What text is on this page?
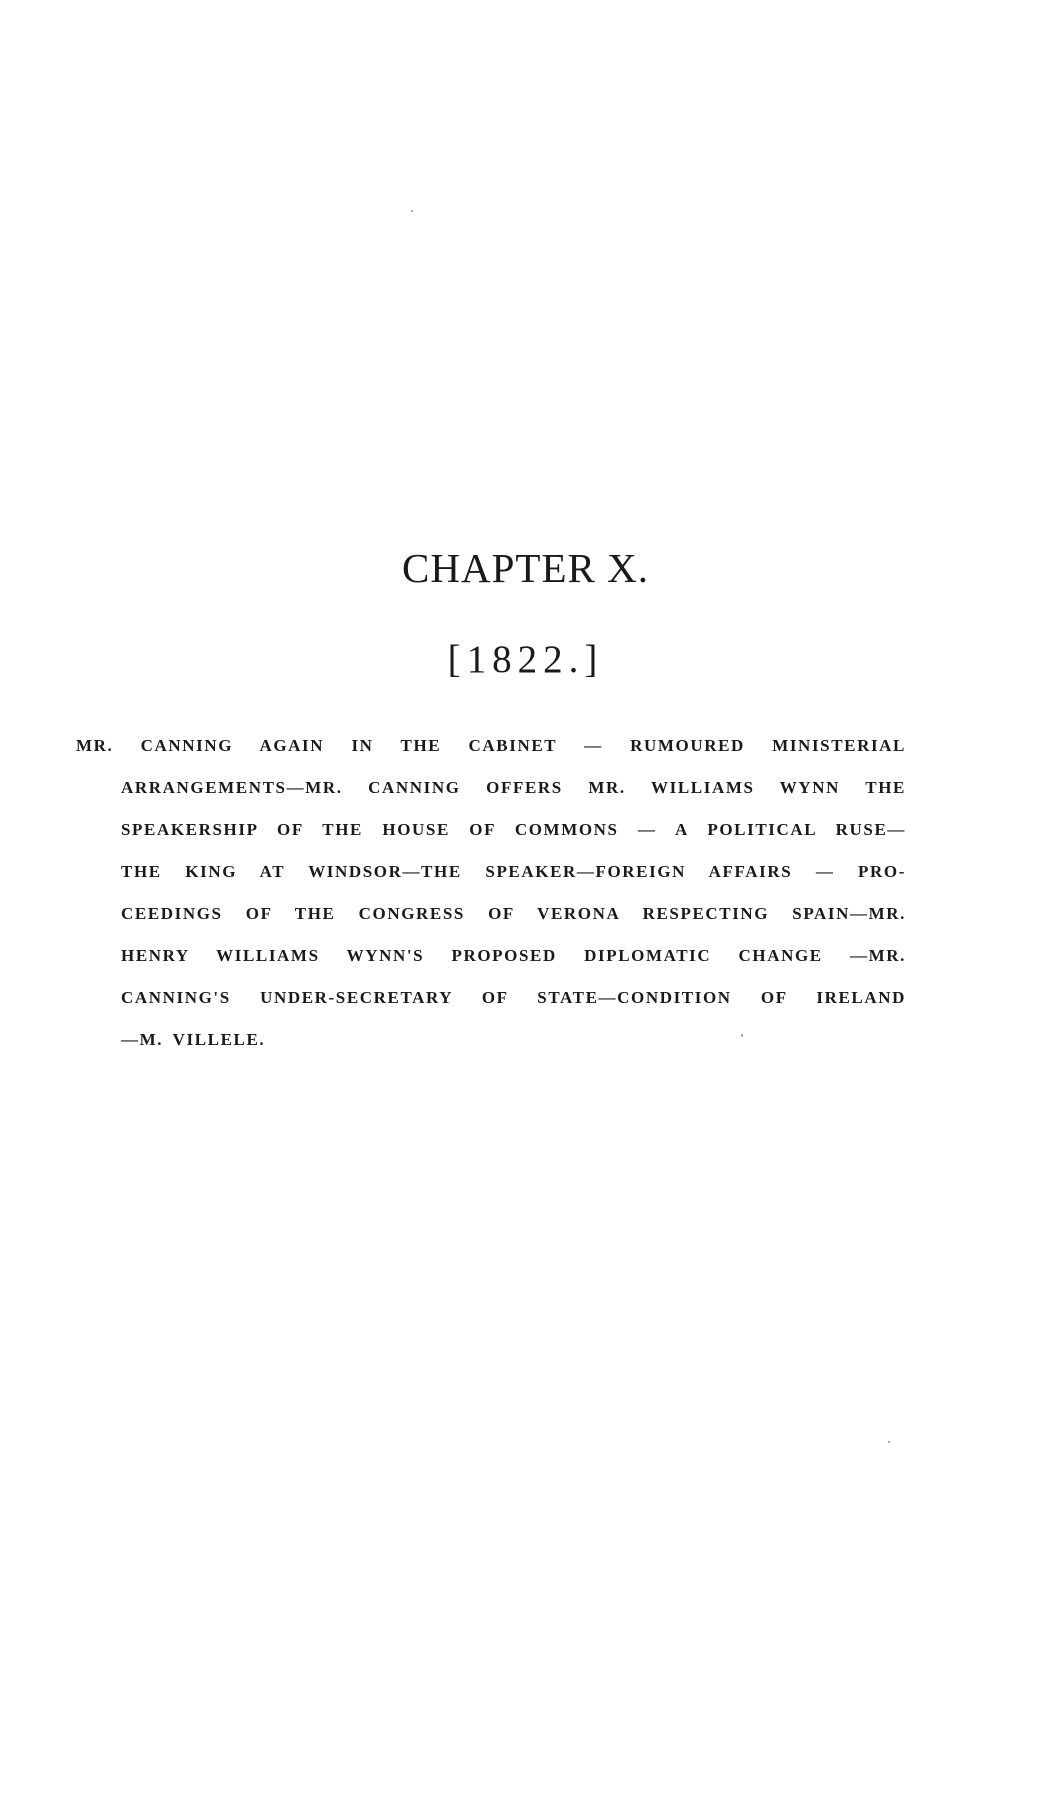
CHAPTER X.
[1822.]
MR. CANNING AGAIN IN THE CABINET — RUMOURED MINISTERIAL
ARRANGEMENTS—MR. CANNING OFFERS MR. WILLIAMS WYNN THE
SPEAKERSHIP OF THE HOUSE OF COMMONS — A POLITICAL RUSE—
THE KING AT WINDSOR—THE SPEAKER—FOREIGN AFFAIRS — PRO-
CEEDINGS OF THE CONGRESS OF VERONA RESPECTING SPAIN—MR.
HENRY WILLIAMS WYNN'S PROPOSED DIPLOMATIC CHANGE —MR.
CANNING'S UNDER-SECRETARY OF STATE—CONDITION OF IRELAND
—M. VILLELE.
